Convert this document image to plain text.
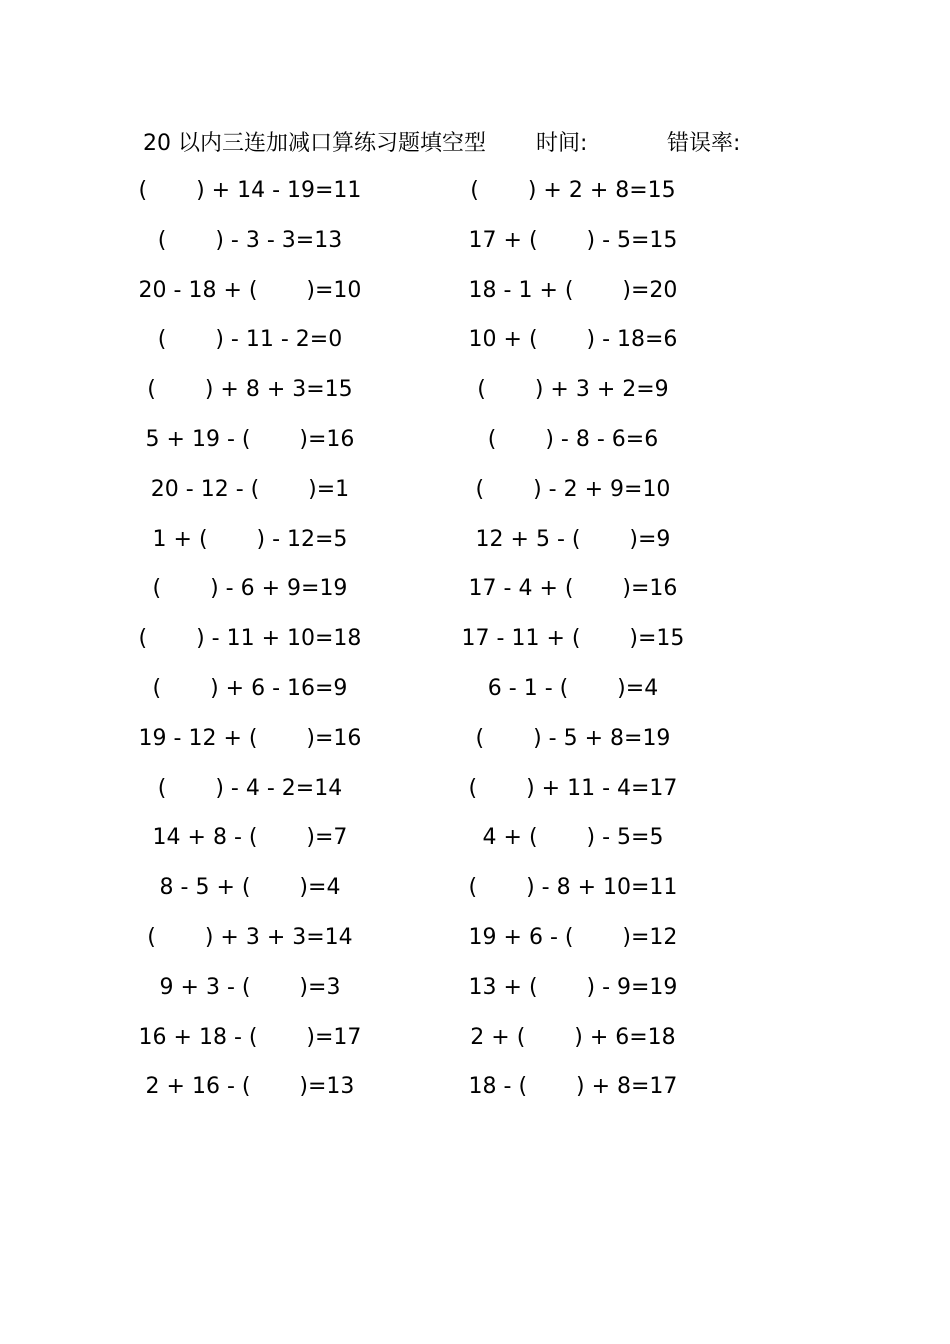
20 以内三连加减口算练习题填空型 时间:	错误率:
(       ) + 14 - 19=11	(       ) + 2 + 8=15
(       ) - 3 - 3=13	17 + (       ) - 5=15
20 - 18 + (       )=10	18 - 1 + (       )=20
(       ) - 11 - 2=0	10 + (       ) - 18=6
(       ) + 8 + 3=15	(       ) + 3 + 2=9
5 + 19 - (       )=16	(       ) - 8 - 6=6
20 - 12 - (       )=1	(       ) - 2 + 9=10
1 + (       ) - 12=5	12 + 5 - (       )=9
(       ) - 6 + 9=19	17 - 4 + (       )=16
(       ) - 11 + 10=18	17 - 11 + (       )=15
(       ) + 6 - 16=9	6 - 1 - (       )=4
19 - 12 + (       )=16	(       ) - 5 + 8=19
(       ) - 4 - 2=14	(       ) + 11 - 4=17
14 + 8 - (       )=7	4 + (       ) - 5=5
8 - 5 + (       )=4	(       ) - 8 + 10=11
(       ) + 3 + 3=14	19 + 6 - (       )=12
9 + 3 - (       )=3	13 + (       ) - 9=19
16 + 18 - (       )=17	2 + (       ) + 6=18
2 + 16 - (       )=13	18 - (       ) + 8=17
